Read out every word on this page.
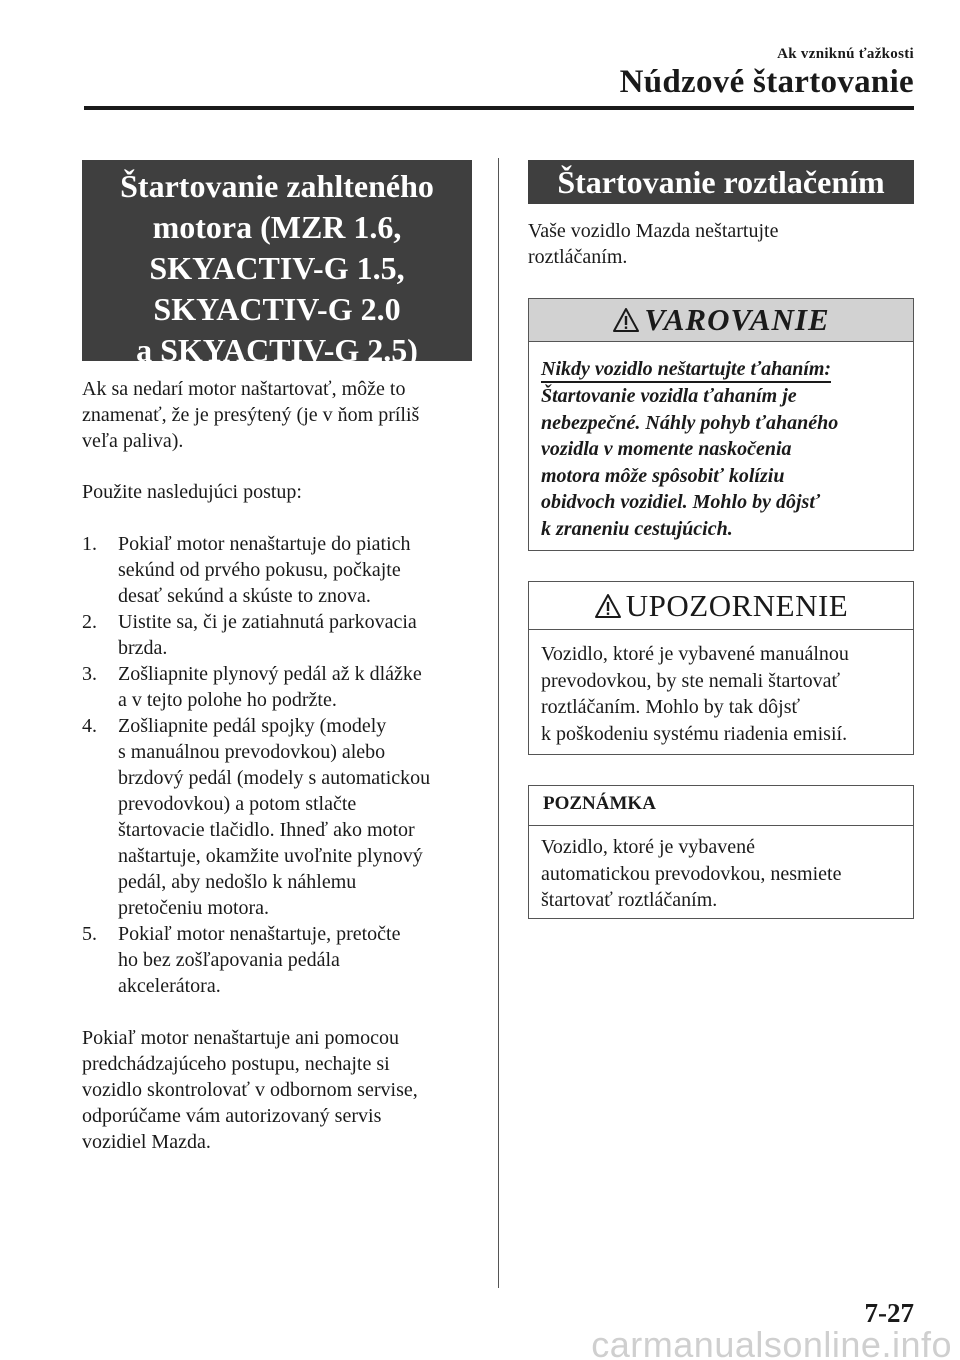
Ak vzniknú ťažkosti
Núdzové štartovanie
Štartovanie zahlteného
motora (MZR 1.6,
SKYACTIV-G 1.5,
SKYACTIV-G 2.0
a SKYACTIV-G 2.5)
Ak sa nedarí motor naštartovať, môže to
znamenať, že je presýtený (je v ňom príliš
veľa paliva).
Použite nasledujúci postup:
1.	Pokiaľ motor nenaštartuje do piatich
sekúnd od prvého pokusu, počkajte
desať sekúnd a skúste to znova.
2.	Uistite sa, či je zatiahnutá parkovacia
brzda.
3.	Zošliapnite plynový pedál až k dlážke
a v tejto polohe ho podržte.
4.	Zošliapnite pedál spojky (modely
s manuálnou prevodovkou) alebo
brzdový pedál (modely s automatickou
prevodovkou) a potom stlačte
štartovacie tlačidlo. Ihneď ako motor
naštartuje, okamžite uvoľnite plynový
pedál, aby nedošlo k náhlemu
pretočeniu motora.
5.	Pokiaľ motor nenaštartuje, pretočte
ho bez zošľapovania pedála
akcelerátora.
Pokiaľ motor nenaštartuje ani pomocou
predchádzajúceho postupu, nechajte si
vozidlo skontrolovať v odbornom servise,
odporúčame vám autorizovaný servis
vozidiel Mazda.
Štartovanie roztlačením
Vaše vozidlo Mazda neštartujte
roztláčaním.
VAROVANIE
Nikdy vozidlo neštartujte ťahaním:
Štartovanie vozidla ťahaním je
nebezpečné. Náhly pohyb ťahaného
vozidla v momente naskočenia
motora môže spôsobiť kolíziu
obidvoch vozidiel. Mohlo by dôjsť
k zraneniu cestujúcich.
UPOZORNENIE
Vozidlo, ktoré je vybavené manuálnou
prevodovkou, by ste nemali štartovať
roztláčaním. Mohlo by tak dôjsť
k poškodeniu systému riadenia emisií.
POZNÁMKA
Vozidlo, ktoré je vybavené
automatickou prevodovkou, nesmiete
štartovať roztláčaním.
7-27
carmanualsonline.info
